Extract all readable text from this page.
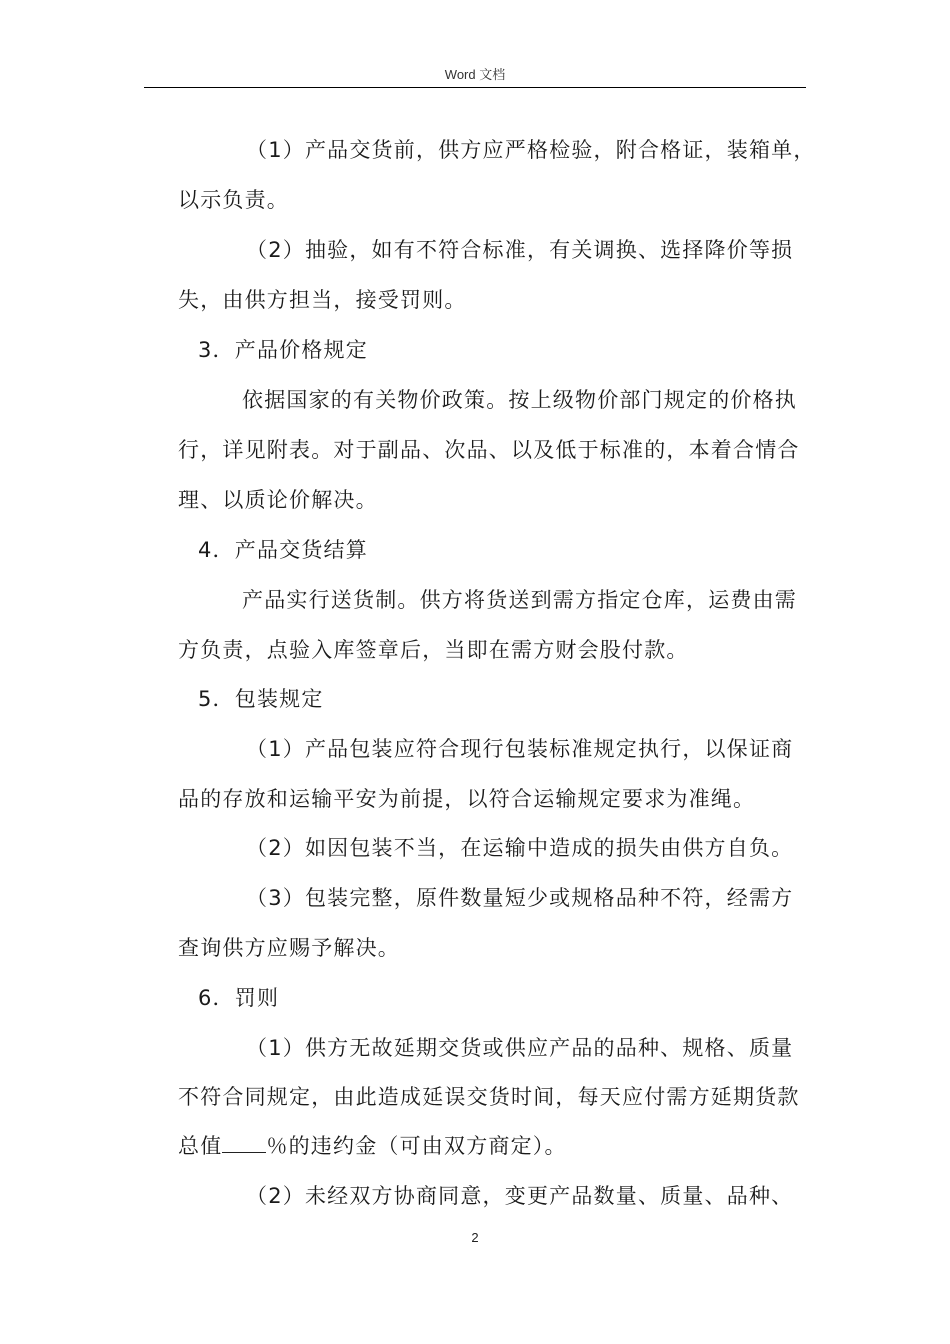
Word 文档
（1）产品交货前，供方应严格检验，附合格证，装箱单，
以示负责。
（2）抽验，如有不符合标准，有关调换、选择降价等损
失，由供方担当，接受罚则。
3．产品价格规定
依据国家的有关物价政策。按上级物价部门规定的价格执
行，详见附表。对于副品、次品、以及低于标准的，本着合情合
理、以质论价解决。
4．产品交货结算
产品实行送货制。供方将货送到需方指定仓库，运费由需
方负责，点验入库签章后，当即在需方财会股付款。
5．包装规定
（1）产品包装应符合现行包装标准规定执行，以保证商
品的存放和运输平安为前提，以符合运输规定要求为准绳。
（2）如因包装不当，在运输中造成的损失由供方自负。
（3）包装完整，原件数量短少或规格品种不符，经需方
查询供方应赐予解决。
6．罚则
（1）供方无故延期交货或供应产品的品种、规格、质量
不符合同规定，由此造成延误交货时间，每天应付需方延期货款
总值 ％的违约金（可由双方商定）。
（2）未经双方协商同意，变更产品数量、质量、品种、
2
